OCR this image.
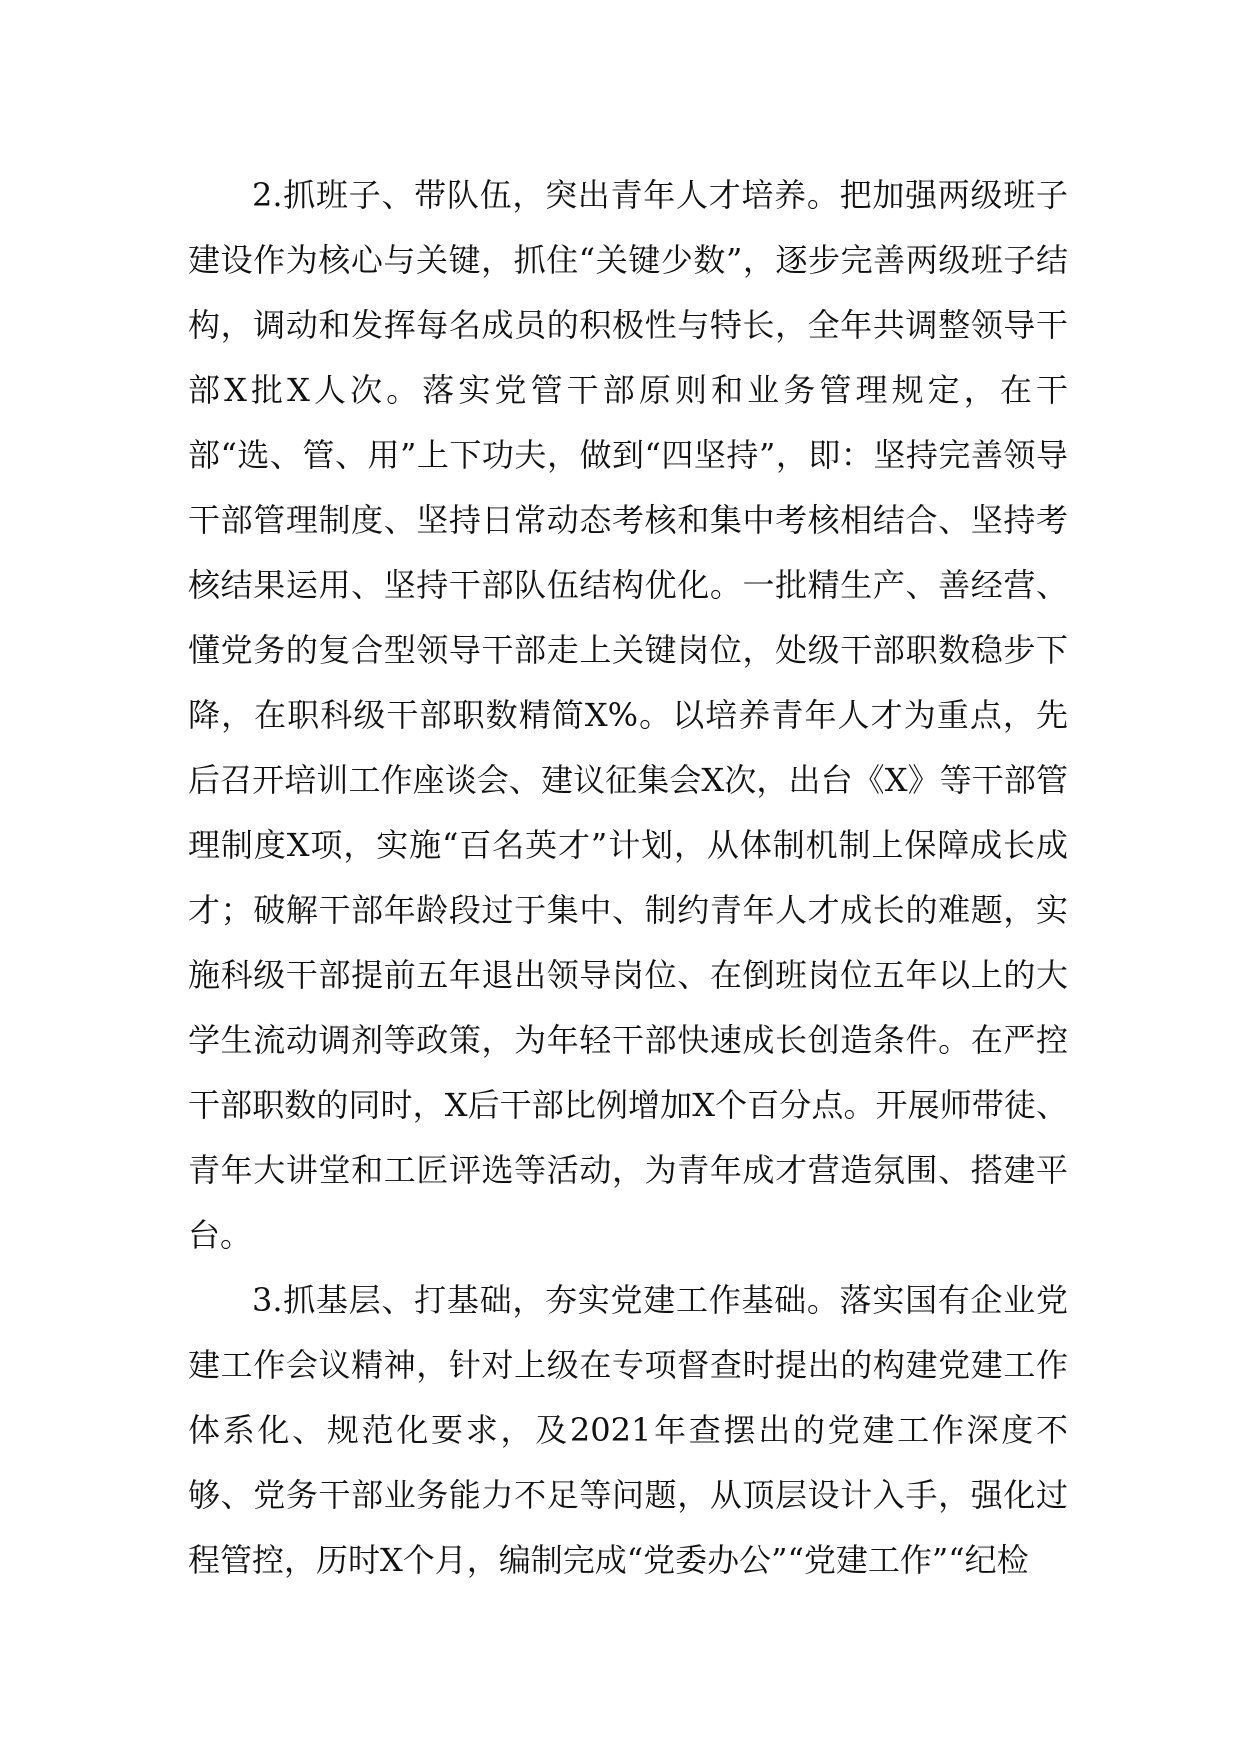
2.抓班子、带队伍，突出青年人才培养。把加强两级班子建设作为核心与关键，抓住“关键少数”，逐步完善两级班子结构，调动和发挥每名成员的积极性与特长，全年共调整领导干部X批X人次。落实党管干部原则和业务管理规定，在干部“选、管、用”上下功夫，做到“四坚持”，即：坚持完善领导干部管理制度、坚持日常动态考核和集中考核相结合、坚持考核结果运用、坚持干部队伍结构优化。一批精生产、善经营、懂党务的复合型领导干部走上关键岗位，处级干部职数稳步下降，在职科级干部职数精简X%。以培养青年人才为重点，先后召开培训工作座谈会、建议征集会X次，出台《X》等干部管理制度X项，实施“百名英才”计划，从体制机制上保障成长成才；破解干部年龄段过于集中、制约青年人才成长的难题，实施科级干部提前五年退出领导岗位、在倒班岗位五年以上的大学生流动调剂等政策，为年轻干部快速成长创造条件。在严控干部职数的同时，X后干部比例增加X个百分点。开展师带徒、青年大讲堂和工匠评选等活动，为青年成才营造氛围、搭建平台。

3.抓基层、打基础，夯实党建工作基础。落实国有企业党建工作会议精神，针对上级在专项督查时提出的构建党建工作体系化、规范化要求，及2021年查摆出的党建工作深度不够、党务干部业务能力不足等问题，从顶层设计入手，强化过程管控，历时X个月，编制完成“党委办公”“党建工作”“纪检
